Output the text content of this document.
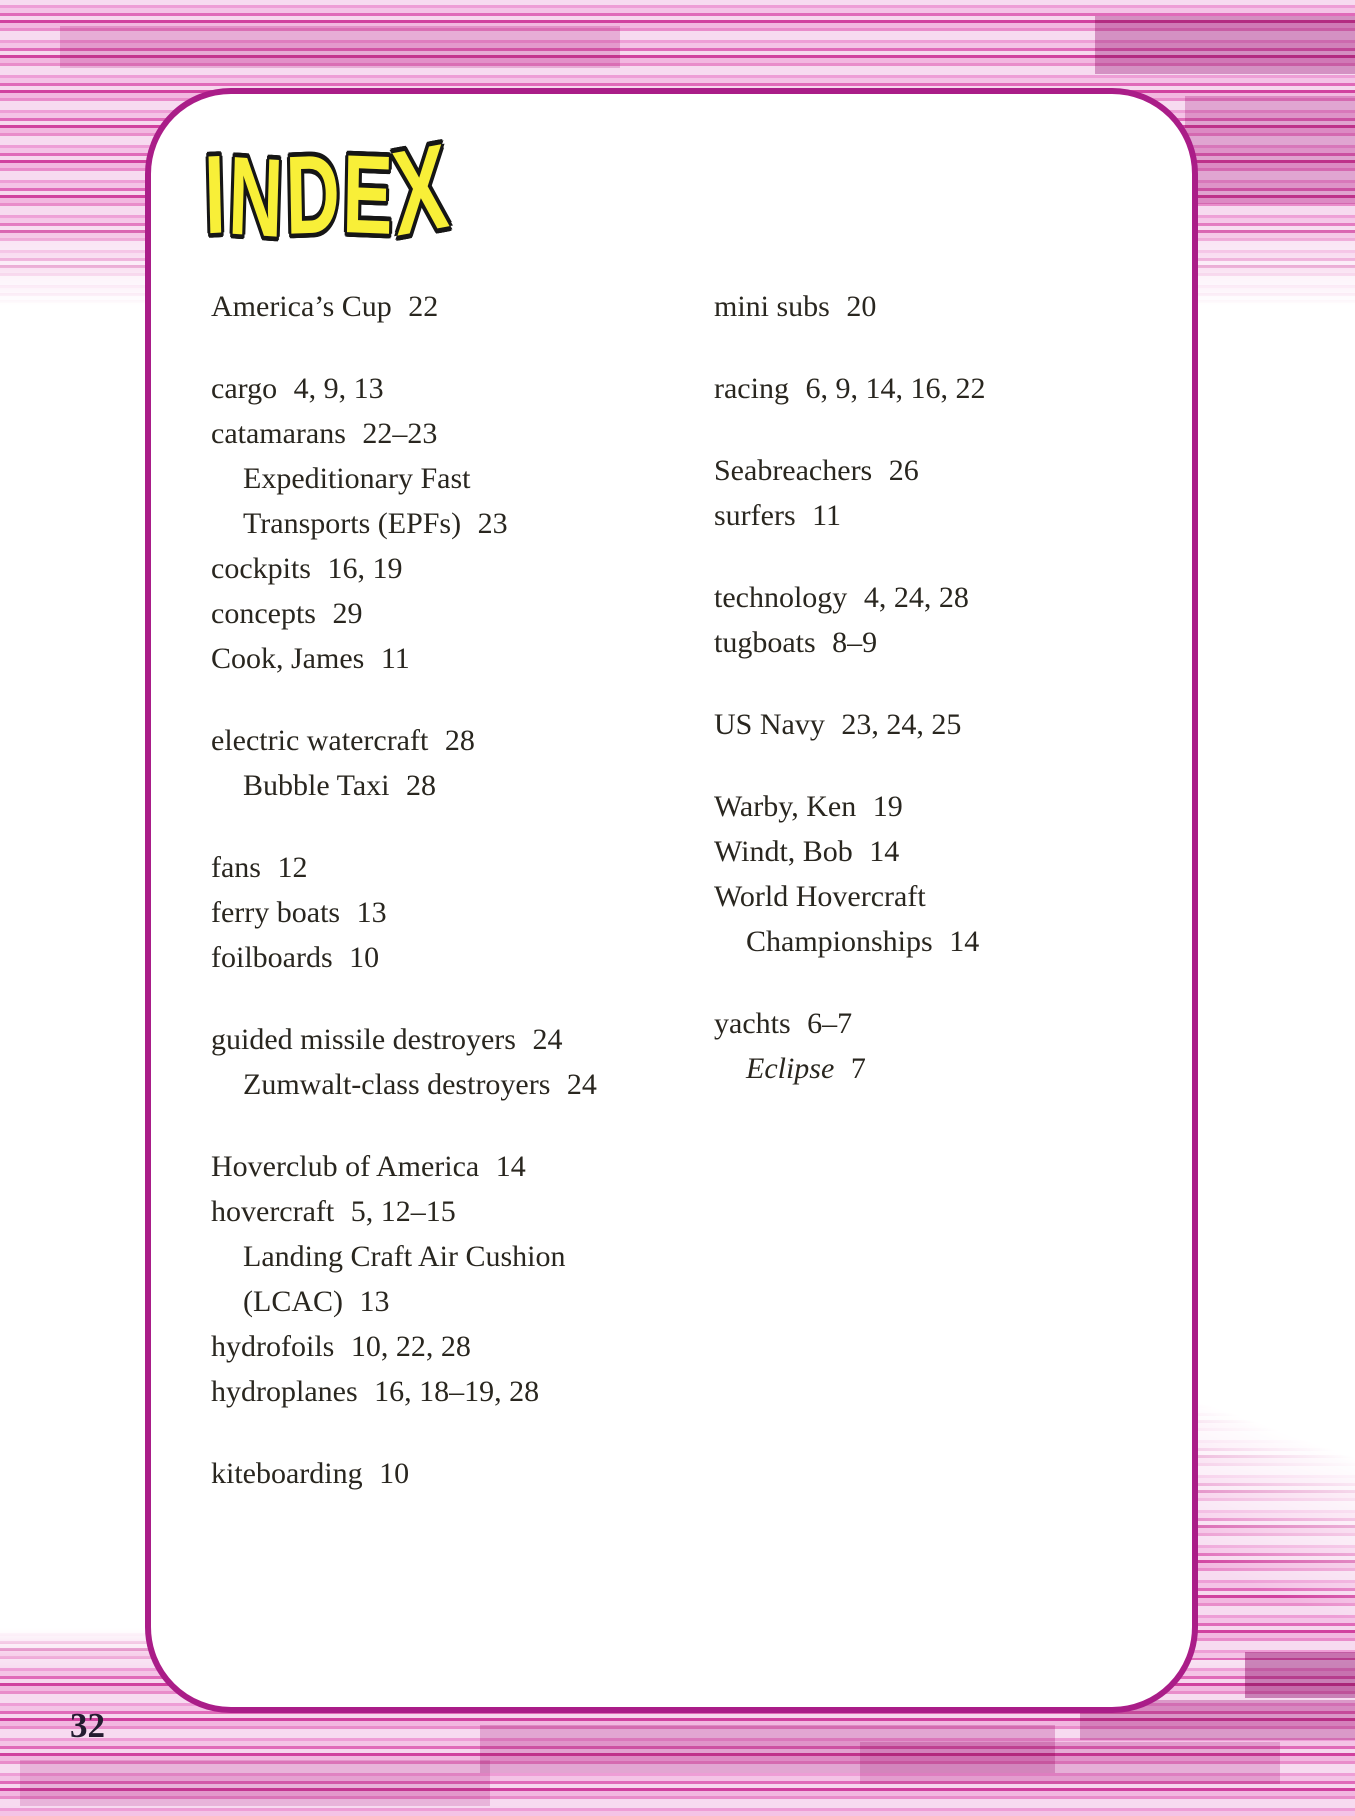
INDEX
America’s Cup 22
cargo 4, 9, 13
catamarans 22–23
Expeditionary Fast
Transports (EPFs) 23
cockpits 16, 19
concepts 29
Cook, James 11
electric watercraft 28
Bubble Taxi 28
fans 12
ferry boats 13
foilboards 10
guided missile destroyers 24
Zumwalt-class destroyers 24
Hoverclub of America 14
hovercraft 5, 12–15
Landing Craft Air Cushion
(LCAC) 13
hydrofoils 10, 22, 28
hydroplanes 16, 18–19, 28
kiteboarding 10
mini subs 20
racing 6, 9, 14, 16, 22
Seabreachers 26
surfers 11
technology 4, 24, 28
tugboats 8–9
US Navy 23, 24, 25
Warby, Ken 19
Windt, Bob 14
World Hovercraft
Championships 14
yachts 6–7
Eclipse 7
32
